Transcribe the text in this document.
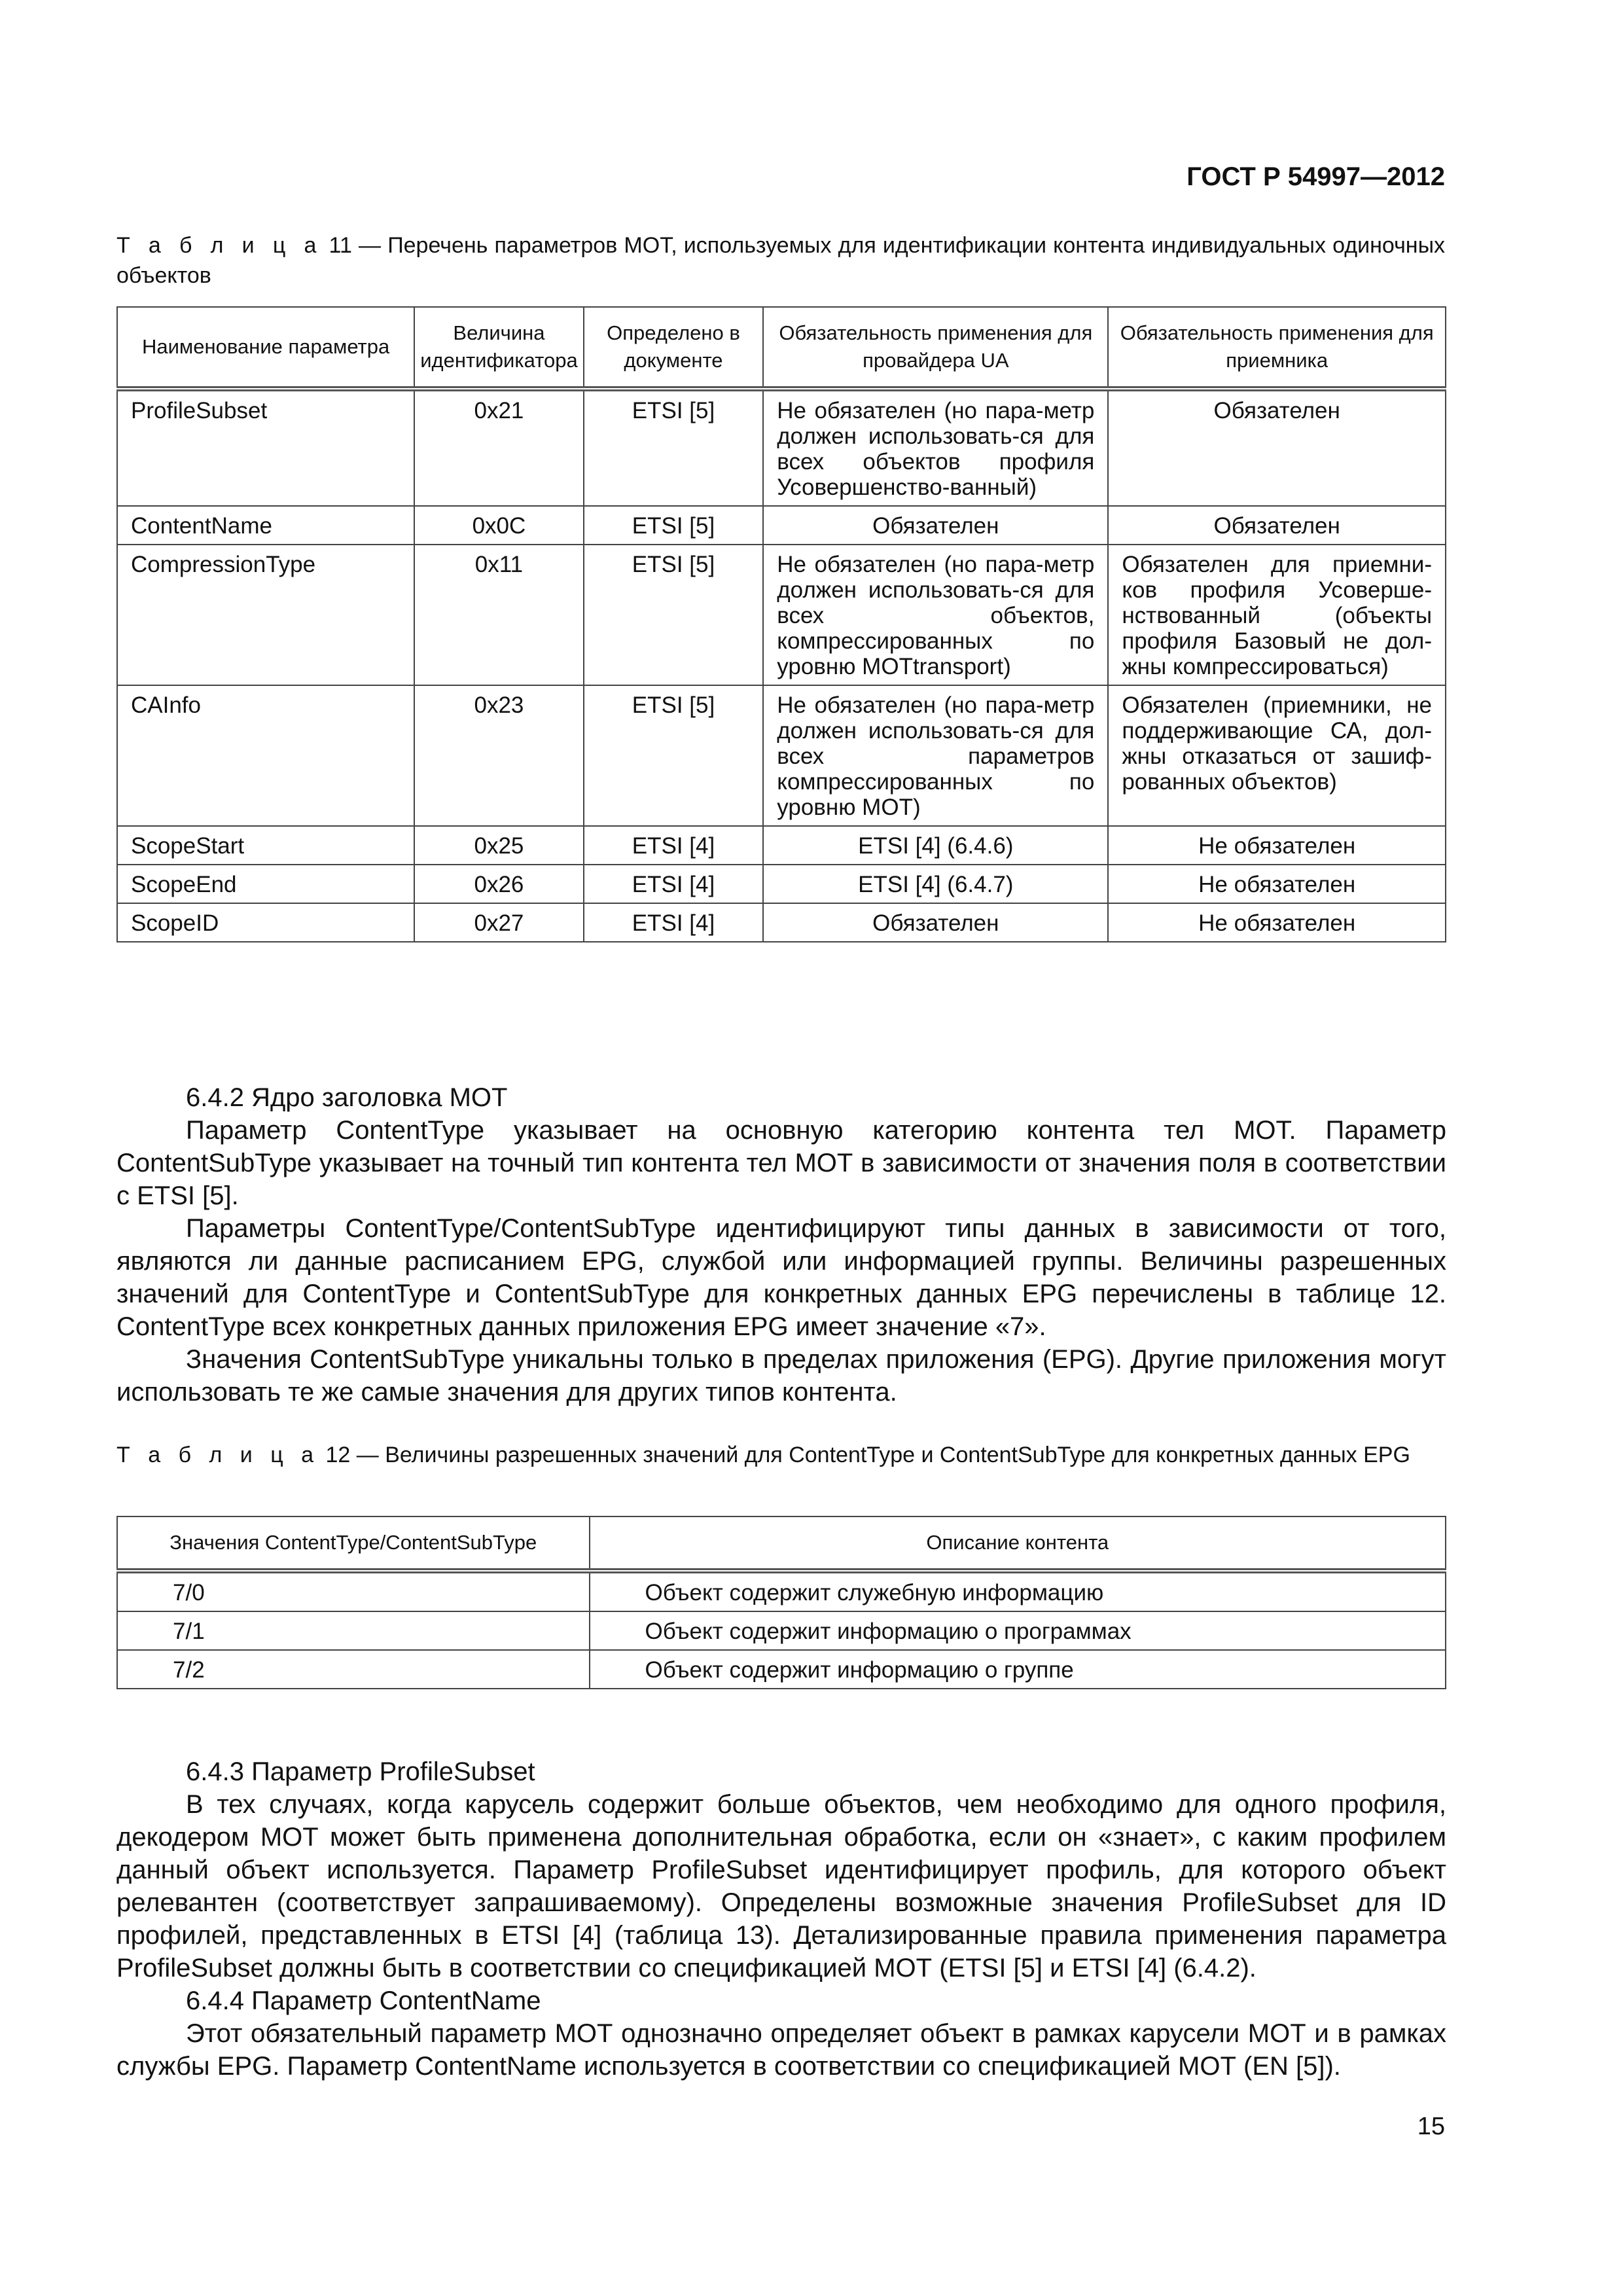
ГОСТ Р 54997—2012
Т а б л и ц а 11 — Перечень параметров МОТ, используемых для идентификации контента индивидуальных одиночных объектов
Наименование параметра	Величина идентификатора	Определено в документе	Обязательность применения для провайдера UA	Обязательность применения для приемника
ProfileSubset	0x21	ETSI [5]	Не обязателен (но пара-метр должен использовать-ся для всех объектов профиля Усовершенство-ванный)	Обязателен
ContentName	0x0C	ETSI [5]	Обязателен	Обязателен
CompressionType	0x11	ETSI [5]	Не обязателен (но пара-метр должен использовать-ся для всех объектов, компрессированных по уровню MOTtransport)	Обязателен для приемни-ков профиля Усоверше-нствованный (объекты профиля Базовый не дол-жны компрессироваться)
CAInfo	0x23	ETSI [5]	Не обязателен (но пара-метр должен использовать-ся для всех параметров компрессированных по уровню МОТ)	Обязателен (приемники, не поддерживающие СА, дол-жны отказаться от зашиф-рованных объектов)
ScopeStart	0x25	ETSI [4]	ETSI [4] (6.4.6)	Не обязателен
ScopeEnd	0x26	ETSI [4]	ETSI [4] (6.4.7)	Не обязателен
ScopeID	0x27	ETSI [4]	Обязателен	Не обязателен

6.4.2 Ядро заголовка МОТ

Параметр ContentType указывает на основную категорию контента тел МОТ. Параметр ContentSubType указывает на точный тип контента тел МОТ в зависимости от значения поля в соответствии с ETSI [5].

Параметры ContentType/ContentSubType идентифицируют типы данных в зависимости от того, являются ли данные расписанием EPG, службой или информацией группы. Величины разрешенных значений для ContentType и ContentSubType для конкретных данных EPG перечислены в таблице 12. ContentType всех конкретных данных приложения EPG имеет значение «7».

Значения ContentSubType уникальны только в пределах приложения (EPG). Другие приложения могут использовать те же самые значения для других типов контента.

Т а б л и ц а 12 — Величины разрешенных значений для ContentType и ContentSubType для конкретных данных EPG
Значения ContentType/ContentSubType	Описание контента
7/0	Объект содержит служебную информацию
7/1	Объект содержит информацию о программах
7/2	Объект содержит информацию о группе

6.4.3 Параметр ProfileSubset

В тех случаях, когда карусель содержит больше объектов, чем необходимо для одного профиля, декодером МОТ может быть применена дополнительная обработка, если он «знает», с каким профилем данный объект используется. Параметр ProfileSubset идентифицирует профиль, для которого объект релевантен (соответствует запрашиваемому). Определены возможные значения ProfileSubset для ID профилей, представленных в ETSI [4] (таблица 13). Детализированные правила применения параметра ProfileSubset должны быть в соответствии со спецификацией МОТ (ETSI [5] и ETSI [4] (6.4.2).

6.4.4 Параметр ContentName

Этот обязательный параметр МОТ однозначно определяет объект в рамках карусели МОТ и в рамках службы EPG. Параметр ContentName используется в соответствии со спецификацией МОТ (EN [5]).

15
